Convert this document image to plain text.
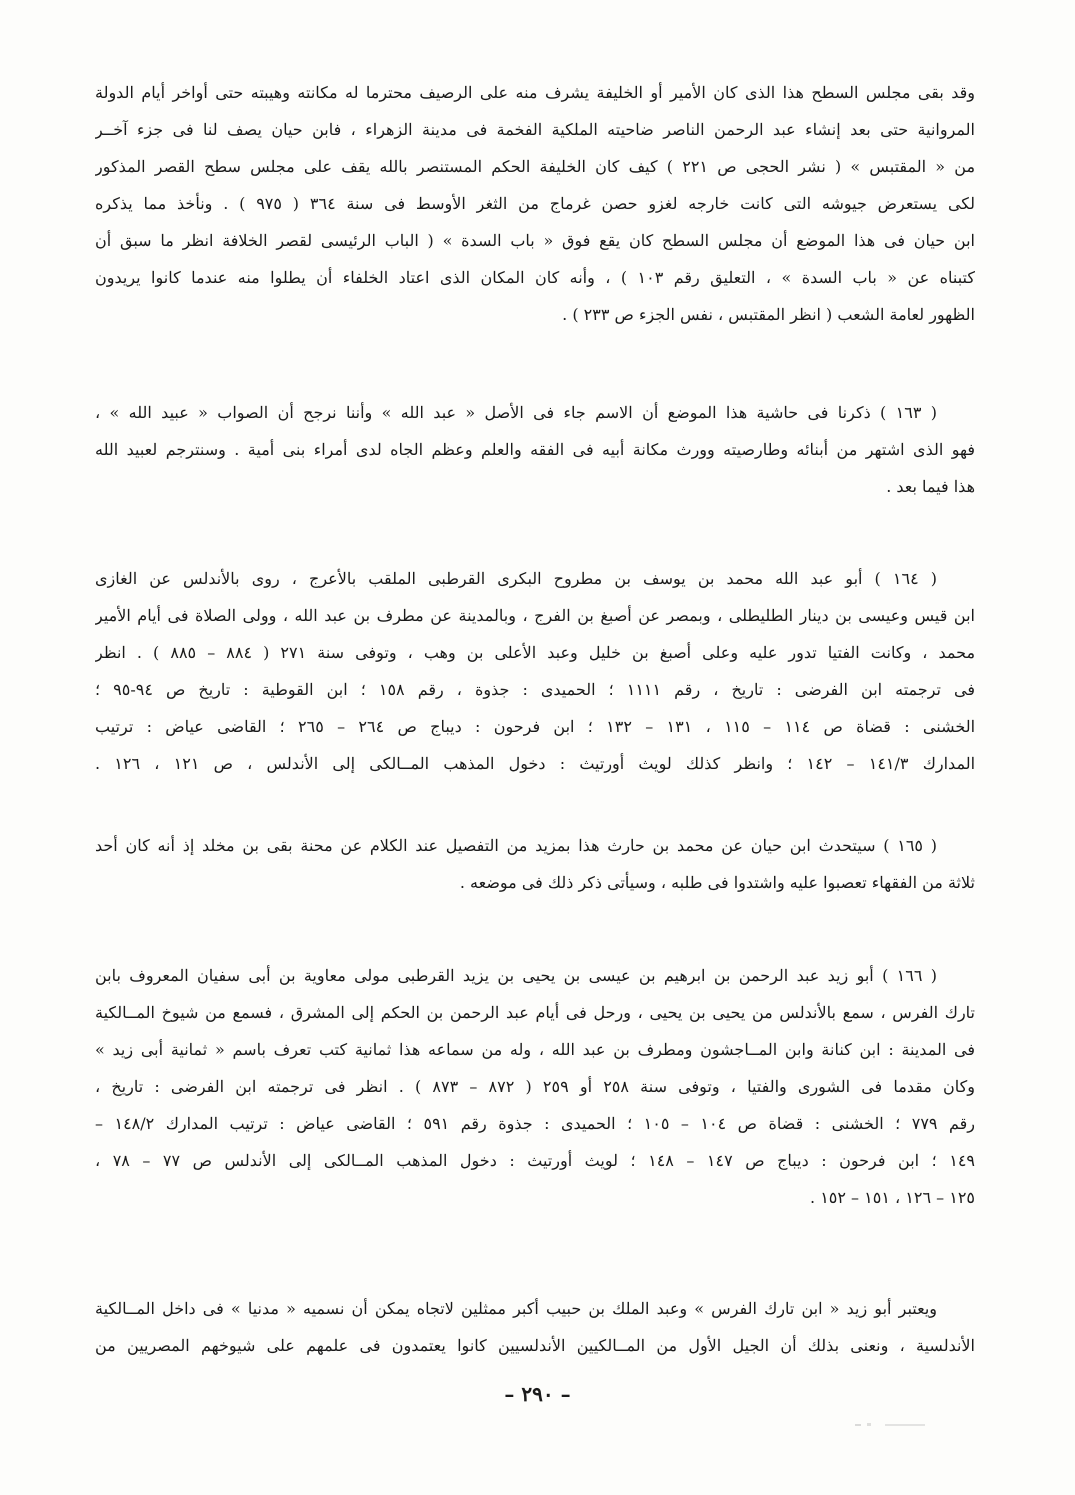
وقد بقى مجلس السطح هذا الذى كان الأمير أو الخليفة يشرف منه على الرصيف محترما له مكانته وهيبته حتى أواخر أيام الدولة
المروانية حتى بعد إنشاء عبد الرحمن الناصر ضاحيته الملكية الفخمة فى مدينة الزهراء ، فابن حيان يصف لنا فى جزء آخــر
من « المقتبس » ( نشر الحجى ص ٢٢١ ) كيف كان الخليفة الحكم المستنصر بالله يقف على مجلس سطح القصر المذكور
لكى يستعرض جيوشه التى كانت خارجه لغزو حصن غرماج من الثغر الأوسط فى سنة ٣٦٤ ( ٩٧٥ ) . ونأخذ مما يذكره
ابن حيان فى هذا الموضع أن مجلس السطح كان يقع فوق « باب السدة » ( الباب الرئيسى لقصر الخلافة انظر ما سبق أن
كتبناه عن « باب السدة » ، التعليق رقم ١٠٣ ) ، وأنه كان المكان الذى اعتاد الخلفاء أن يطلوا منه عندما كانوا يريدون
الظهور لعامة الشعب ( انظر المقتبس ، نفس الجزء ص ٢٣٣ ) .
( ١٦٣ ) ذكرنا فى حاشية هذا الموضع أن الاسم جاء فى الأصل « عبد الله » وأننا نرجح أن الصواب « عبيد الله » ،
فهو الذى اشتهر من أبنائه وطارصيته وورث مكانة أبيه فى الفقه والعلم وعظم الجاه لدى أمراء بنى أمية . وسنترجم لعبيد الله
هذا فيما بعد .
( ١٦٤ ) أبو عبد الله محمد بن يوسف بن مطروح البكرى القرطبى الملقب بالأعرج ، روى بالأندلس عن الغازى
ابن قيس وعيسى بن دينار الطليطلى ، وبمصر عن أصبغ بن الفرج ، وبالمدينة عن مطرف بن عبد الله ، وولى الصلاة فى أيام الأمير
محمد ، وكانت الفتيا تدور عليه وعلى أصبغ بن خليل وعبد الأعلى بن وهب ، وتوفى سنة ٢٧١ ( ٨٨٤ – ٨٨٥ ) . انظر
فى ترجمته ابن الفرضى : تاريخ ، رقم ١١١١ ؛ الحميدى : جذوة ، رقم ١٥٨ ؛ ابن القوطية : تاريخ ص ٩٤-٩٥ ؛
الخشنى : قضاة ص ١١٤ – ١١٥ ، ١٣١ – ١٣٢ ؛ ابن فرحون : ديباج ص ٢٦٤ – ٢٦٥ ؛ القاضى عياض : ترتيب
المدارك ١٤١/٣ – ١٤٢ ؛ وانظر كذلك لويث أورتيث : دخول المذهب المــالكى إلى الأندلس ، ص ١٢١ ، ١٢٦ .
( ١٦٥ ) سيتحدث ابن حيان عن محمد بن حارث هذا بمزيد من التفصيل عند الكلام عن محنة بقى بن مخلد إذ أنه كان أحد
ثلاثة من الفقهاء تعصبوا عليه واشتدوا فى طلبه ، وسيأتى ذكر ذلك فى موضعه .
( ١٦٦ ) أبو زيد عبد الرحمن بن ابرهيم بن عيسى بن يحيى بن يزيد القرطبى مولى معاوية بن أبى سفيان المعروف بابن
تارك الفرس ، سمع بالأندلس من يحيى بن يحيى ، ورحل فى أيام عبد الرحمن بن الحكم إلى المشرق ، فسمع من شيوخ المــالكية
فى المدينة : ابن كنانة وابن المــاجشون ومطرف بن عبد الله ، وله من سماعه هذا ثمانية كتب تعرف باسم « ثمانية أبى زيد »
وكان مقدما فى الشورى والفتيا ، وتوفى سنة ٢٥٨ أو ٢٥٩ ( ٨٧٢ – ٨٧٣ ) . انظر فى ترجمته ابن الفرضى : تاريخ ،
رقم ٧٧٩ ؛ الخشنى : قضاة ص ١٠٤ – ١٠٥ ؛ الحميدى : جذوة رقم ٥٩١ ؛ القاضى عياض : ترتيب المدارك ١٤٨/٢ –
١٤٩ ؛ ابن فرحون : ديباج ص ١٤٧ – ١٤٨ ؛ لويث أورتيث : دخول المذهب المــالكى إلى الأندلس ص ٧٧ – ٧٨ ،
١٢٥ – ١٢٦ ، ١٥١ – ١٥٢ .
ويعتبر أبو زيد « ابن تارك الفرس » وعبد الملك بن حبيب أكبر ممثلين لاتجاه يمكن أن نسميه « مدنيا » فى داخل المــالكية
الأندلسية ، ونعنى بذلك أن الجيل الأول من المــالكيين الأندلسيين كانوا يعتمدون فى علمهم على شيوخهم المصريين من
– ٢٩٠ –
